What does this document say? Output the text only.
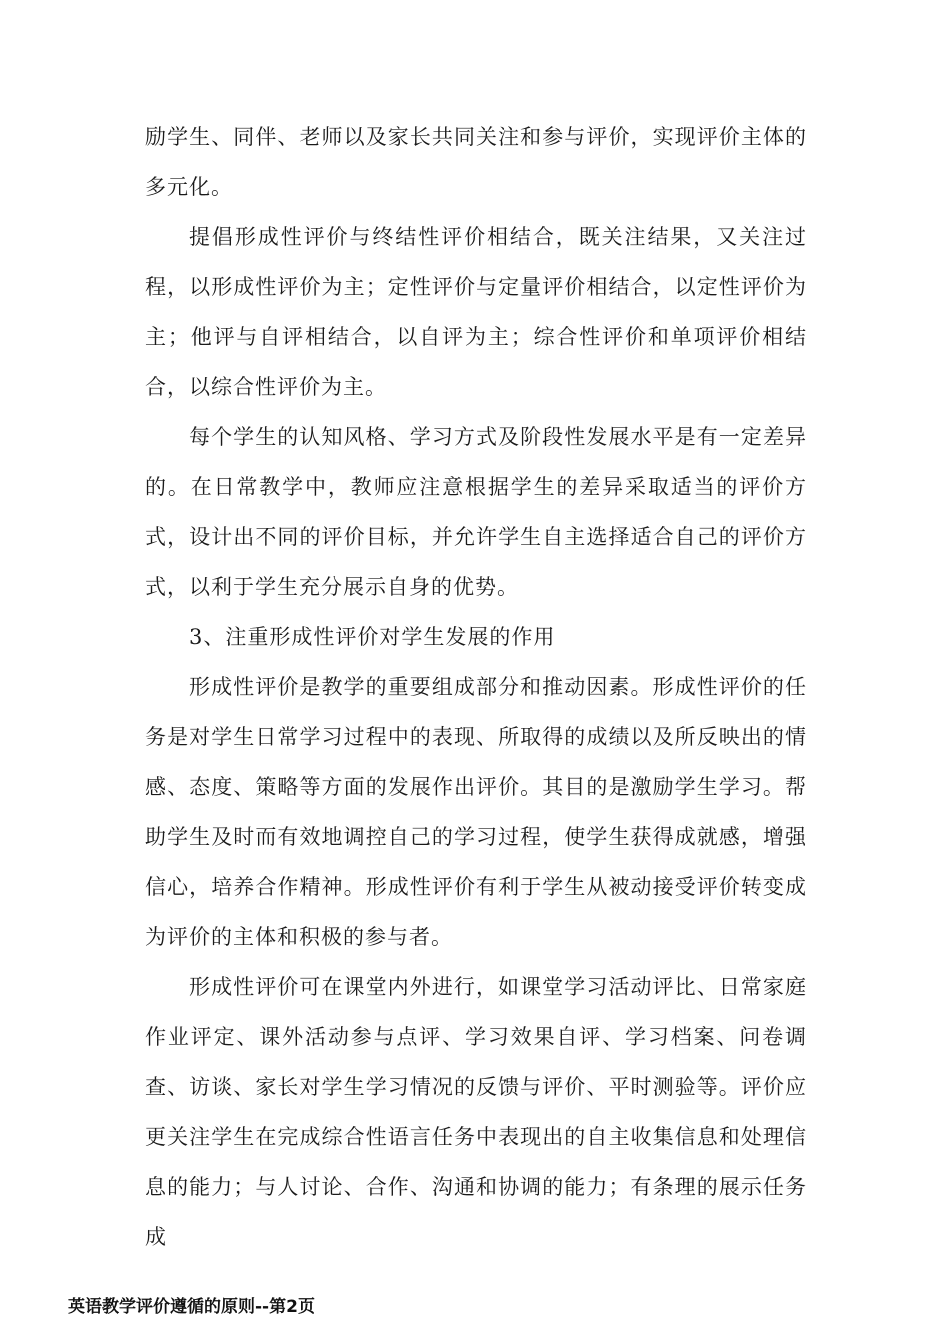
励学生、同伴、老师以及家长共同关注和参与评价，实现评价主体的多元化。

提倡形成性评价与终结性评价相结合，既关注结果，又关注过程，以形成性评价为主；定性评价与定量评价相结合，以定性评价为主；他评与自评相结合，以自评为主；综合性评价和单项评价相结合，以综合性评价为主。

每个学生的认知风格、学习方式及阶段性发展水平是有一定差异的。在日常教学中，教师应注意根据学生的差异采取适当的评价方式，设计出不同的评价目标，并允许学生自主选择适合自己的评价方式，以利于学生充分展示自身的优势。

3、注重形成性评价对学生发展的作用

形成性评价是教学的重要组成部分和推动因素。形成性评价的任务是对学生日常学习过程中的表现、所取得的成绩以及所反映出的情感、态度、策略等方面的发展作出评价。其目的是激励学生学习。帮助学生及时而有效地调控自己的学习过程，使学生获得成就感，增强信心，培养合作精神。形成性评价有利于学生从被动接受评价转变成为评价的主体和积极的参与者。

形成性评价可在课堂内外进行，如课堂学习活动评比、日常家庭作业评定、课外活动参与点评、学习效果自评、学习档案、问卷调查、访谈、家长对学生学习情况的反馈与评价、平时测验等。评价应更关注学生在完成综合性语言任务中表现出的自主收集信息和处理信息的能力；与人讨论、合作、沟通和协调的能力；有条理的展示任务成

英语教学评价遵循的原则--第2页
